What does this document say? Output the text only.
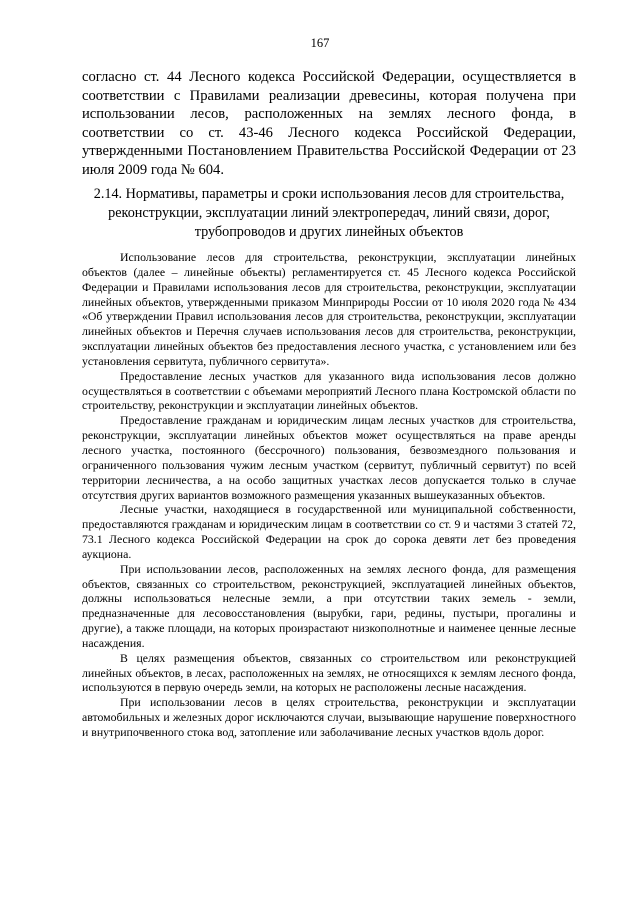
167

согласно ст. 44 Лесного кодекса Российской Федерации, осуществляется в соответствии с Правилами реализации древесины, которая получена при использовании лесов, расположенных на землях лесного фонда, в соответствии со ст. 43-46 Лесного кодекса Российской Федерации, утвержденными Постановлением Правительства Российской Федерации от 23 июля 2009 года № 604.

2.14. Нормативы, параметры и сроки использования лесов для строительства, реконструкции, эксплуатации линий электропередач, линий связи, дорог, трубопроводов и других линейных объектов

Использование лесов для строительства, реконструкции, эксплуатации линейных объектов (далее – линейные объекты) регламентируется ст. 45 Лесного кодекса Российской Федерации и Правилами использования лесов для строительства, реконструкции, эксплуатации линейных объектов, утвержденными приказом Минприроды России от 10 июля 2020 года № 434 «Об утверждении Правил использования лесов для строительства, реконструкции, эксплуатации линейных объектов и Перечня случаев использования лесов для строительства, реконструкции, эксплуатации линейных объектов без предоставления лесного участка, с установлением или без установления сервитута, публичного сервитута».

Предоставление лесных участков для указанного вида использования лесов должно осуществляться в соответствии с объемами мероприятий Лесного плана Костромской области по строительству, реконструкции и эксплуатации линейных объектов.

Предоставление гражданам и юридическим лицам лесных участков для строительства, реконструкции, эксплуатации линейных объектов может осуществляться на праве аренды лесного участка, постоянного (бессрочного) пользования, безвозмездного пользования и ограниченного пользования чужим лесным участком (сервитут, публичный сервитут) по всей территории лесничества, а на особо защитных участках лесов допускается только в случае отсутствия других вариантов возможного размещения указанных вышеуказанных объектов.

Лесные участки, находящиеся в государственной или муниципальной собственности, предоставляются гражданам и юридическим лицам в соответствии со ст. 9 и частями 3 статей 72, 73.1 Лесного кодекса Российской Федерации на срок до сорока девяти лет без проведения аукциона.

При использовании лесов, расположенных на землях лесного фонда, для размещения объектов, связанных со строительством, реконструкцией, эксплуатацией линейных объектов, должны использоваться нелесные земли, а при отсутствии таких земель - земли, предназначенные для лесовосстановления (вырубки, гари, редины, пустыри, прогалины и другие), а также площади, на которых произрастают низкополнотные и наименее ценные лесные насаждения.

В целях размещения объектов, связанных со строительством или реконструкцией линейных объектов, в лесах, расположенных на землях, не относящихся к землям лесного фонда, используются в первую очередь земли, на которых не расположены лесные насаждения.

При использовании лесов в целях строительства, реконструкции и эксплуатации автомобильных и железных дорог исключаются случаи, вызывающие нарушение поверхностного и внутрипочвенного стока вод, затопление или заболачивание лесных участков вдоль дорог.
